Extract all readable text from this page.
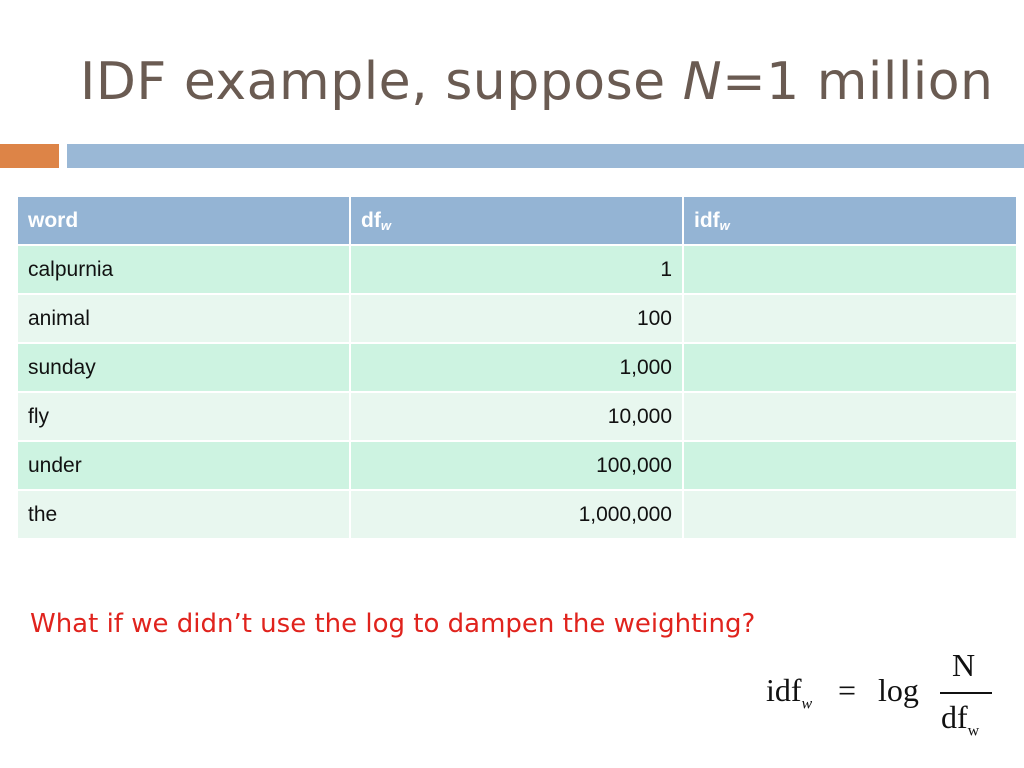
IDF example, suppose N=1 million
word	$df_w$	idf$_w$
calpurnia	1	
animal	100	
sunday	1,000	
fly	10,000	
under	100,000	
the	1,000,000	
What if we didn’t use the log to dampen the weighting?
idf$_w$ = log
N
$df_w$
